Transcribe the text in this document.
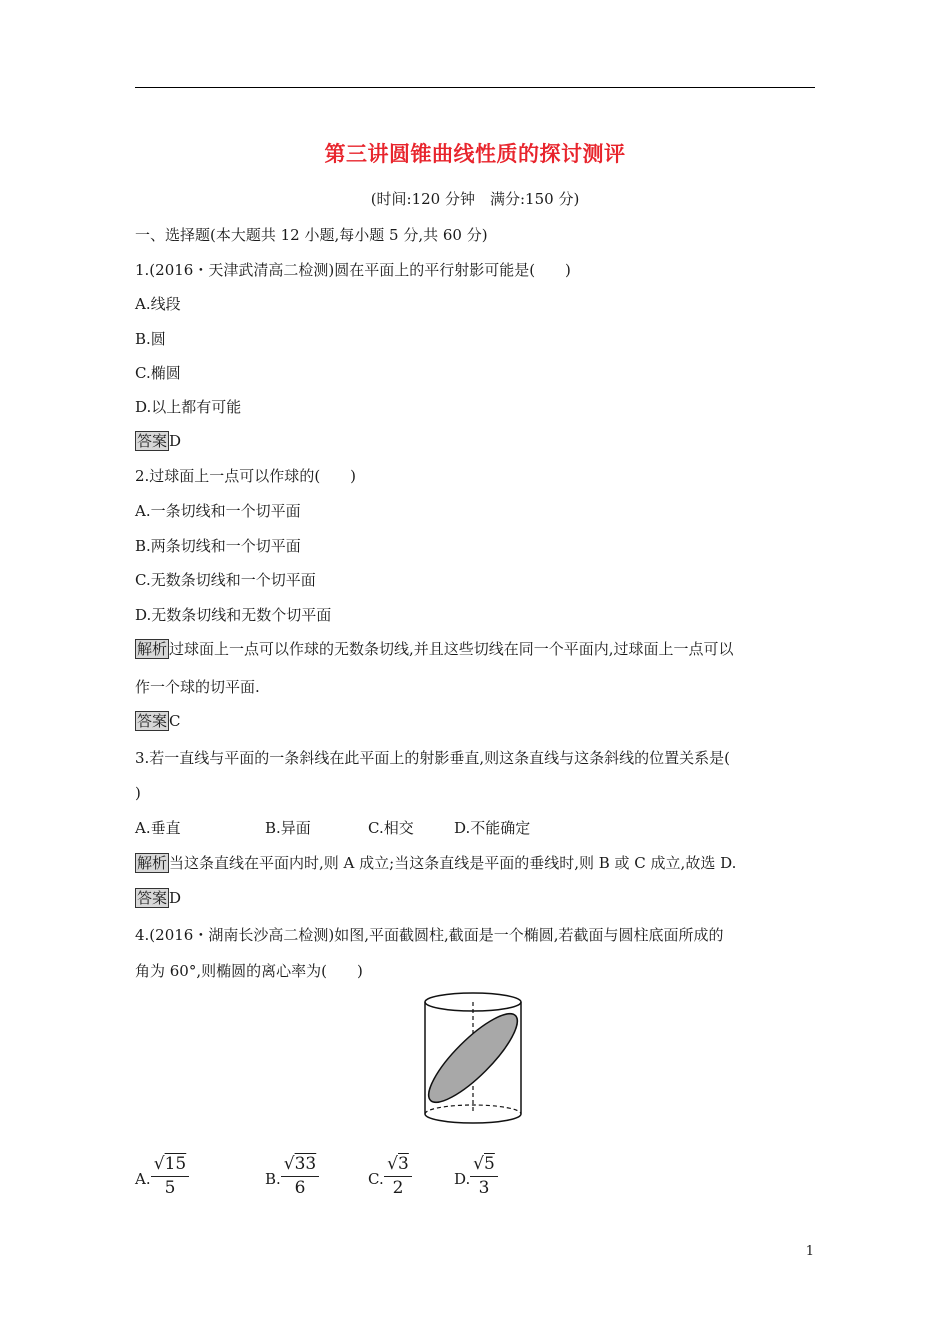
第三讲圆锥曲线性质的探讨测评
(时间:120 分钟　满分:150 分)
一、选择题(本大题共 12 小题,每小题 5 分,共 60 分)
1.(2016・天津武清高二检测)圆在平面上的平行射影可能是(　　)
A.线段
B.圆
C.椭圆
D.以上都有可能
答案 D
2.过球面上一点可以作球的(　　)
A.一条切线和一个切平面
B.两条切线和一个切平面
C.无数条切线和一个切平面
D.无数条切线和无数个切平面
解析 过球面上一点可以作球的无数条切线,并且这些切线在同一个平面内,过球面上一点可以
作一个球的切平面.
答案 C
3.若一直线与平面的一条斜线在此平面上的射影垂直,则这条直线与这条斜线的位置关系是(
)
A.垂直	B.异面	C.相交	D.不能确定
解析 当这条直线在平面内时,则 A 成立;当这条直线是平面的垂线时,则 B 或 C 成立,故选 D.
答案 D
4.(2016・湖南长沙高二检测)如图,平面截圆柱,截面是一个椭圆,若截面与圆柱底面所成的
角为 60°,则椭圆的离心率为(　　)
A. $\frac{√15}{5}$	B. $\frac{√33}{6}$	C. $\frac{√3}{2}$	D. $\frac{√5}{3}$
1
